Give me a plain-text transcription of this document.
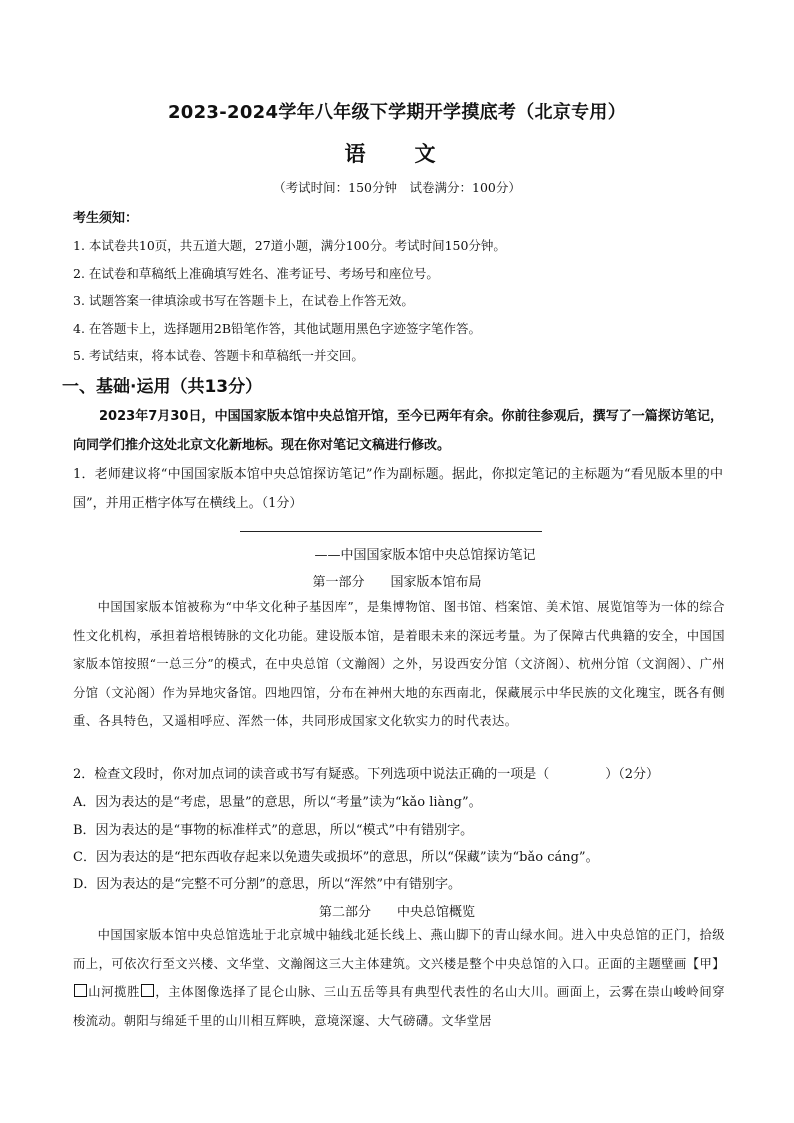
2023-2024学年八年级下学期开学摸底考（北京专用）
语　文
（考试时间：150分钟　试卷满分：100分）
考生须知：
1. 本试卷共10页，共五道大题，27道小题，满分100分。考试时间150分钟。
2. 在试卷和草稿纸上准确填写姓名、准考证号、考场号和座位号。
3. 试题答案一律填涂或书写在答题卡上，在试卷上作答无效。
4. 在答题卡上，选择题用2B铅笔作答，其他试题用黑色字迹签字笔作答。
5. 考试结束，将本试卷、答题卡和草稿纸一并交回。
一、基础·运用（共13分）

2023年7月30日，中国国家版本馆中央总馆开馆，至今已两年有余。你前往参观后，撰写了一篇探访笔记，向同学们推介这处北京文化新地标。现在你对笔记文稿进行修改。

1．老师建议将“中国国家版本馆中央总馆探访笔记”作为副标题。据此，你拟定笔记的主标题为“看见版本里的中国”，并用正楷字体写在横线上。（1分）

——中国国家版本馆中央总馆探访笔记
第一部分　　国家版本馆布局

中国国家版本馆被称为“中华文化种子基因库”，是集博物馆、图书馆、档案馆、美术馆、展览馆等为一体的综合性文化机构，承担着培根铸脉的文化功能。建设版本馆，是着眼未来的深远考量。为了保障古代典籍的安全，中国国家版本馆按照“一总三分”的模式，在中央总馆（文瀚阁）之外，另设西安分馆（文济阁）、杭州分馆（文润阁）、广州分馆（文沁阁）作为异地灾备馆。四地四馆，分布在神州大地的东西南北，保藏展示中华民族的文化瑰宝，既各有侧重、各具特色，又遥相呼应、浑然一体，共同形成国家文化软实力的时代表达。

2．检查文段时，你对加点词的读音或书写有疑惑。下列选项中说法正确的一项是（	）（2分）
A．因为表达的是“考虑，思量”的意思，所以“考量”读为“kǎo liàng”。
B．因为表达的是“事物的标准样式”的意思，所以“模式”中有错别字。
C．因为表达的是“把东西收存起来以免遗失或损坏”的意思，所以“保藏”读为“bǎo cáng”。
D．因为表达的是“完整不可分割”的意思，所以“浑然”中有错别字。
第二部分　　中央总馆概览

中国国家版本馆中央总馆选址于北京城中轴线北延长线上、燕山脚下的青山绿水间。进入中央总馆的正门，拾级而上，可依次行至文兴楼、文华堂、文瀚阁这三大主体建筑。文兴楼是整个中央总馆的入口。正面的主题壁画【甲】山河揽胜 ，主体图像选择了昆仑山脉、三山五岳等具有典型代表性的名山大川。画面上，云雾在崇山峻岭间穿梭流动。朝阳与绵延千里的山川相互辉映，意境深邃、大气磅礴。文华堂居
